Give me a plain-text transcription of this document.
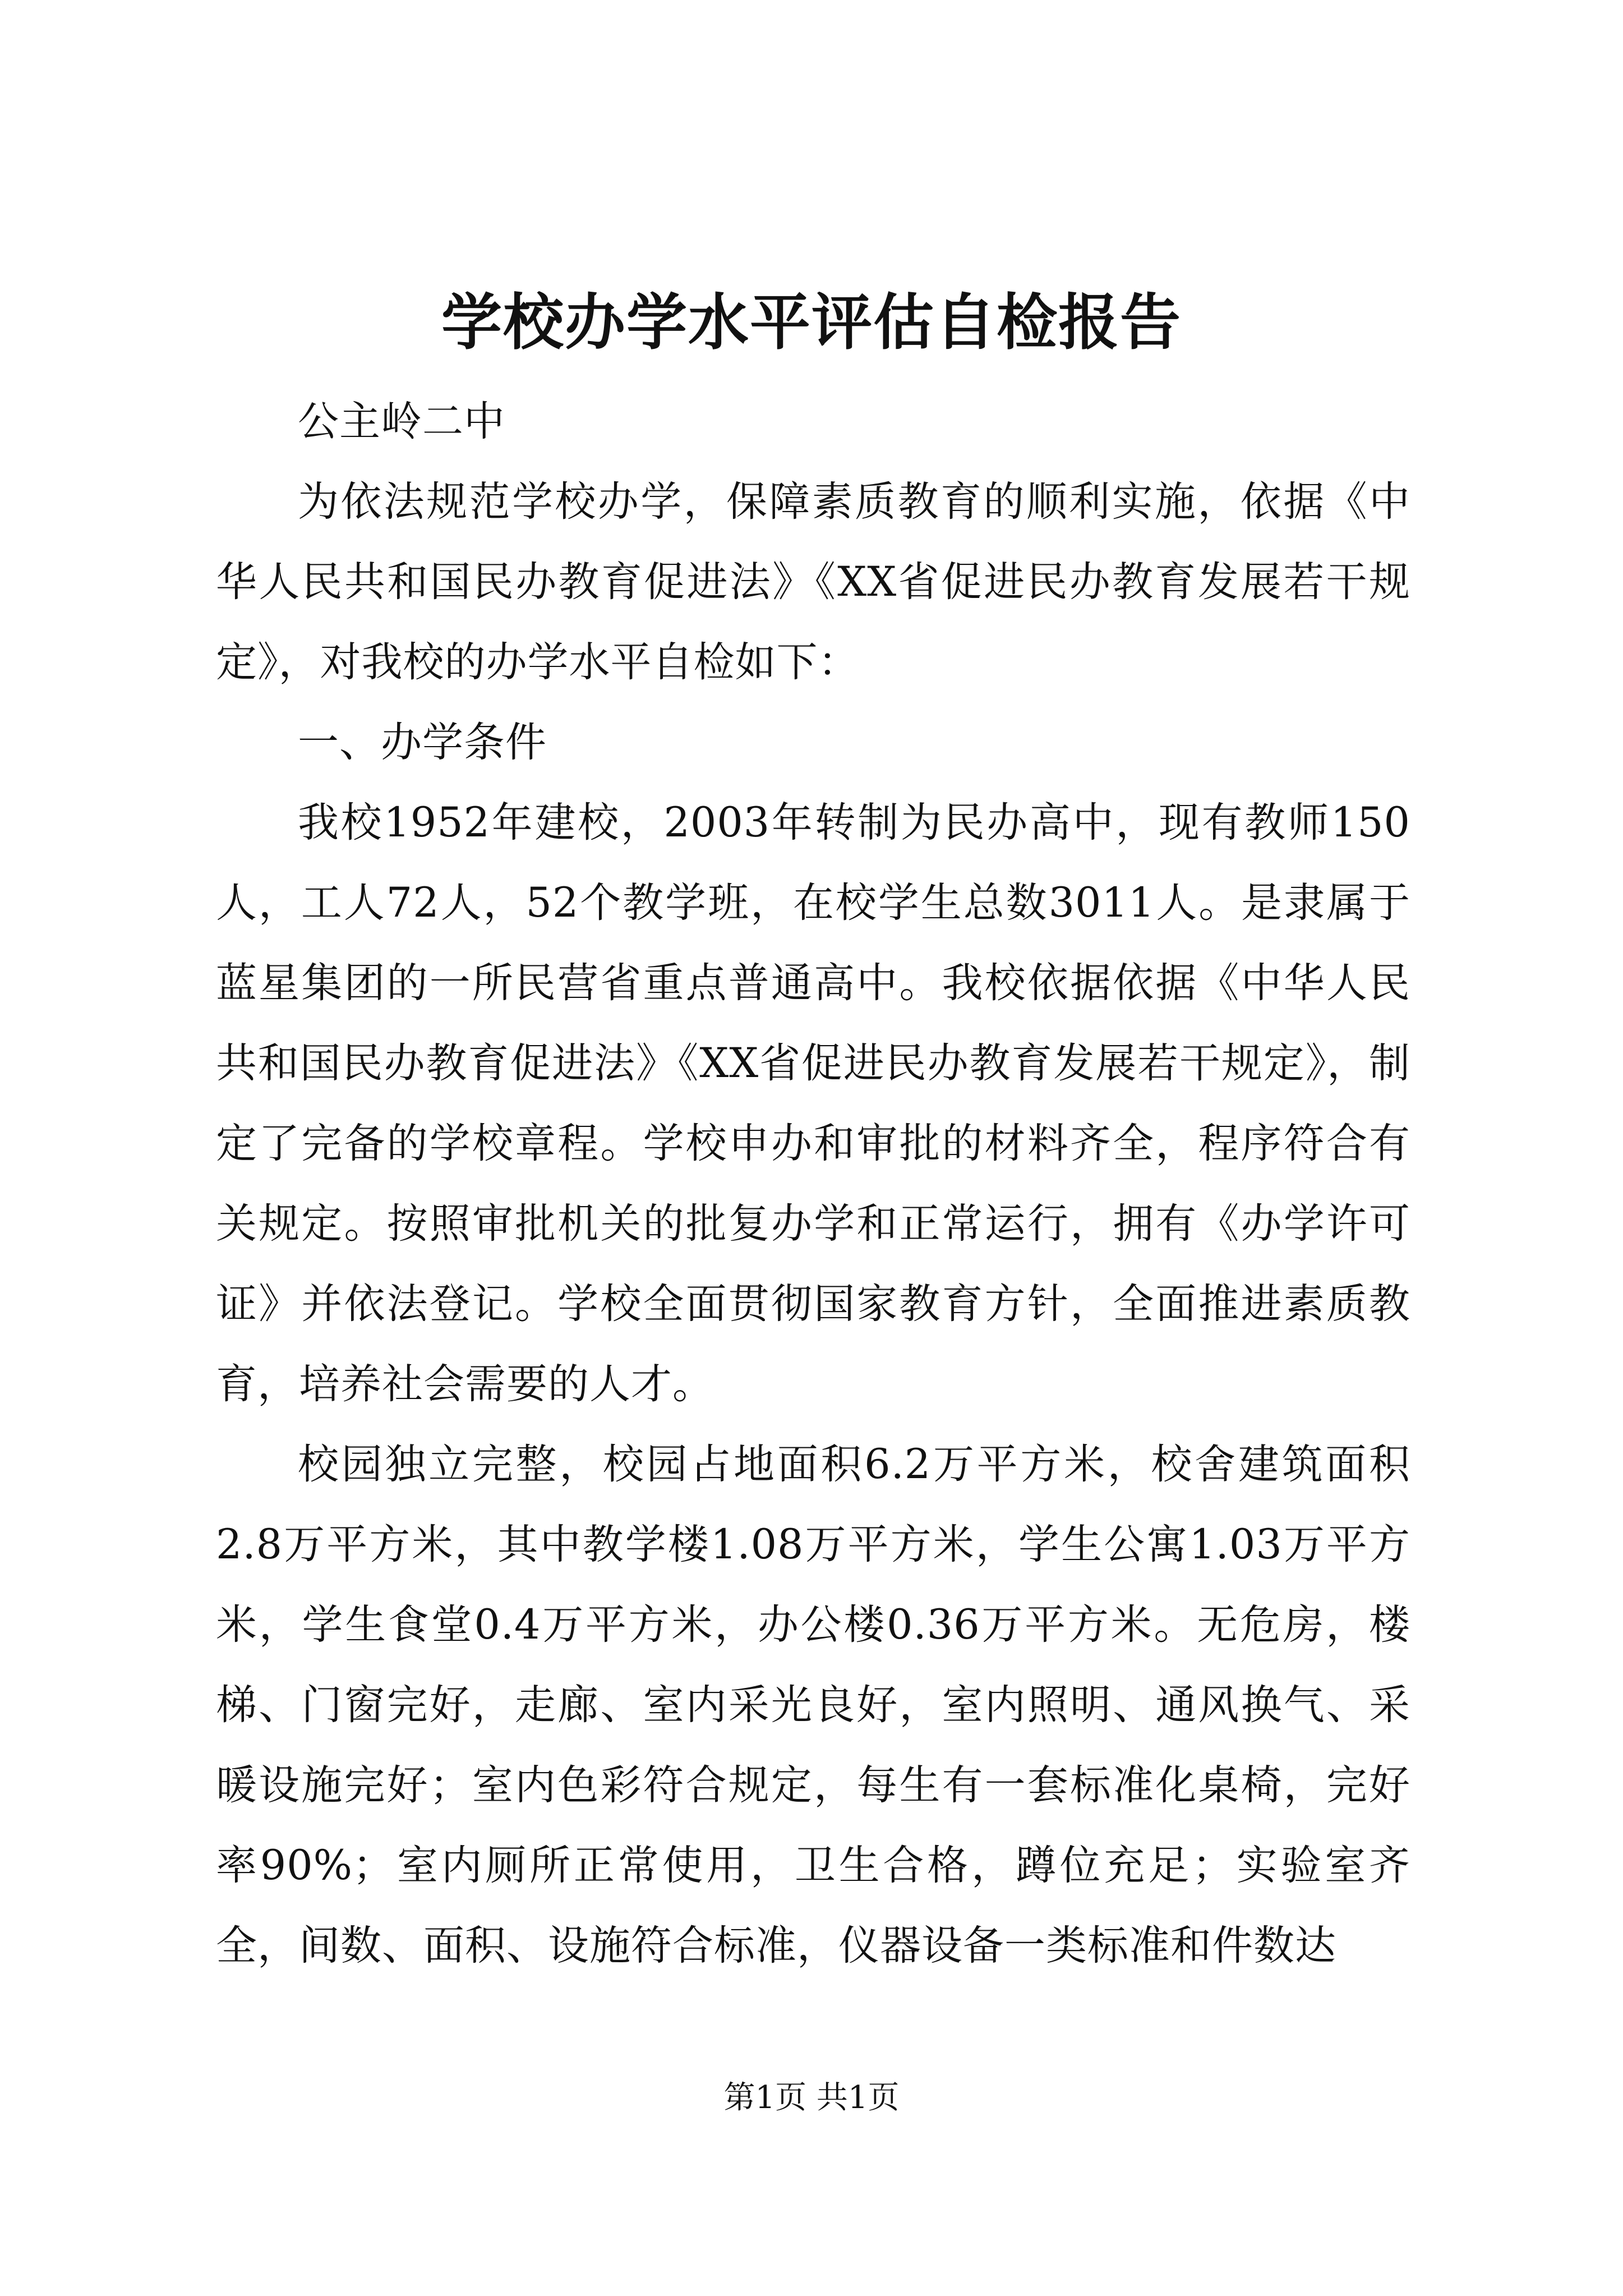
学校办学水平评估自检报告

公主岭二中

为依法规范学校办学，保障素质教育的顺利实施，依据《中华人民共和国民办教育促进法》《XX省促进民办教育发展若干规定》，对我校的办学水平自检如下：

一、办学条件

我校1952年建校，2003年转制为民办高中，现有教师150人，工人72人，52个教学班，在校学生总数3011人。是隶属于蓝星集团的一所民营省重点普通高中。我校依据依据《中华人民共和国民办教育促进法》《XX省促进民办教育发展若干规定》，制定了完备的学校章程。学校申办和审批的材料齐全，程序符合有关规定。按照审批机关的批复办学和正常运行，拥有《办学许可证》并依法登记。学校全面贯彻国家教育方针，全面推进素质教育，培养社会需要的人才。

校园独立完整，校园占地面积6.2万平方米，校舍建筑面积2.8万平方米，其中教学楼1.08万平方米，学生公寓1.03万平方米，学生食堂0.4万平方米，办公楼0.36万平方米。无危房，楼梯、门窗完好，走廊、室内采光良好，室内照明、通风换气、采暖设施完好；室内色彩符合规定，每生有一套标准化桌椅，完好率90%；室内厕所正常使用，卫生合格，蹲位充足；实验室齐全，间数、面积、设施符合标准，仪器设备一类标准和件数达

第1页 共1页
